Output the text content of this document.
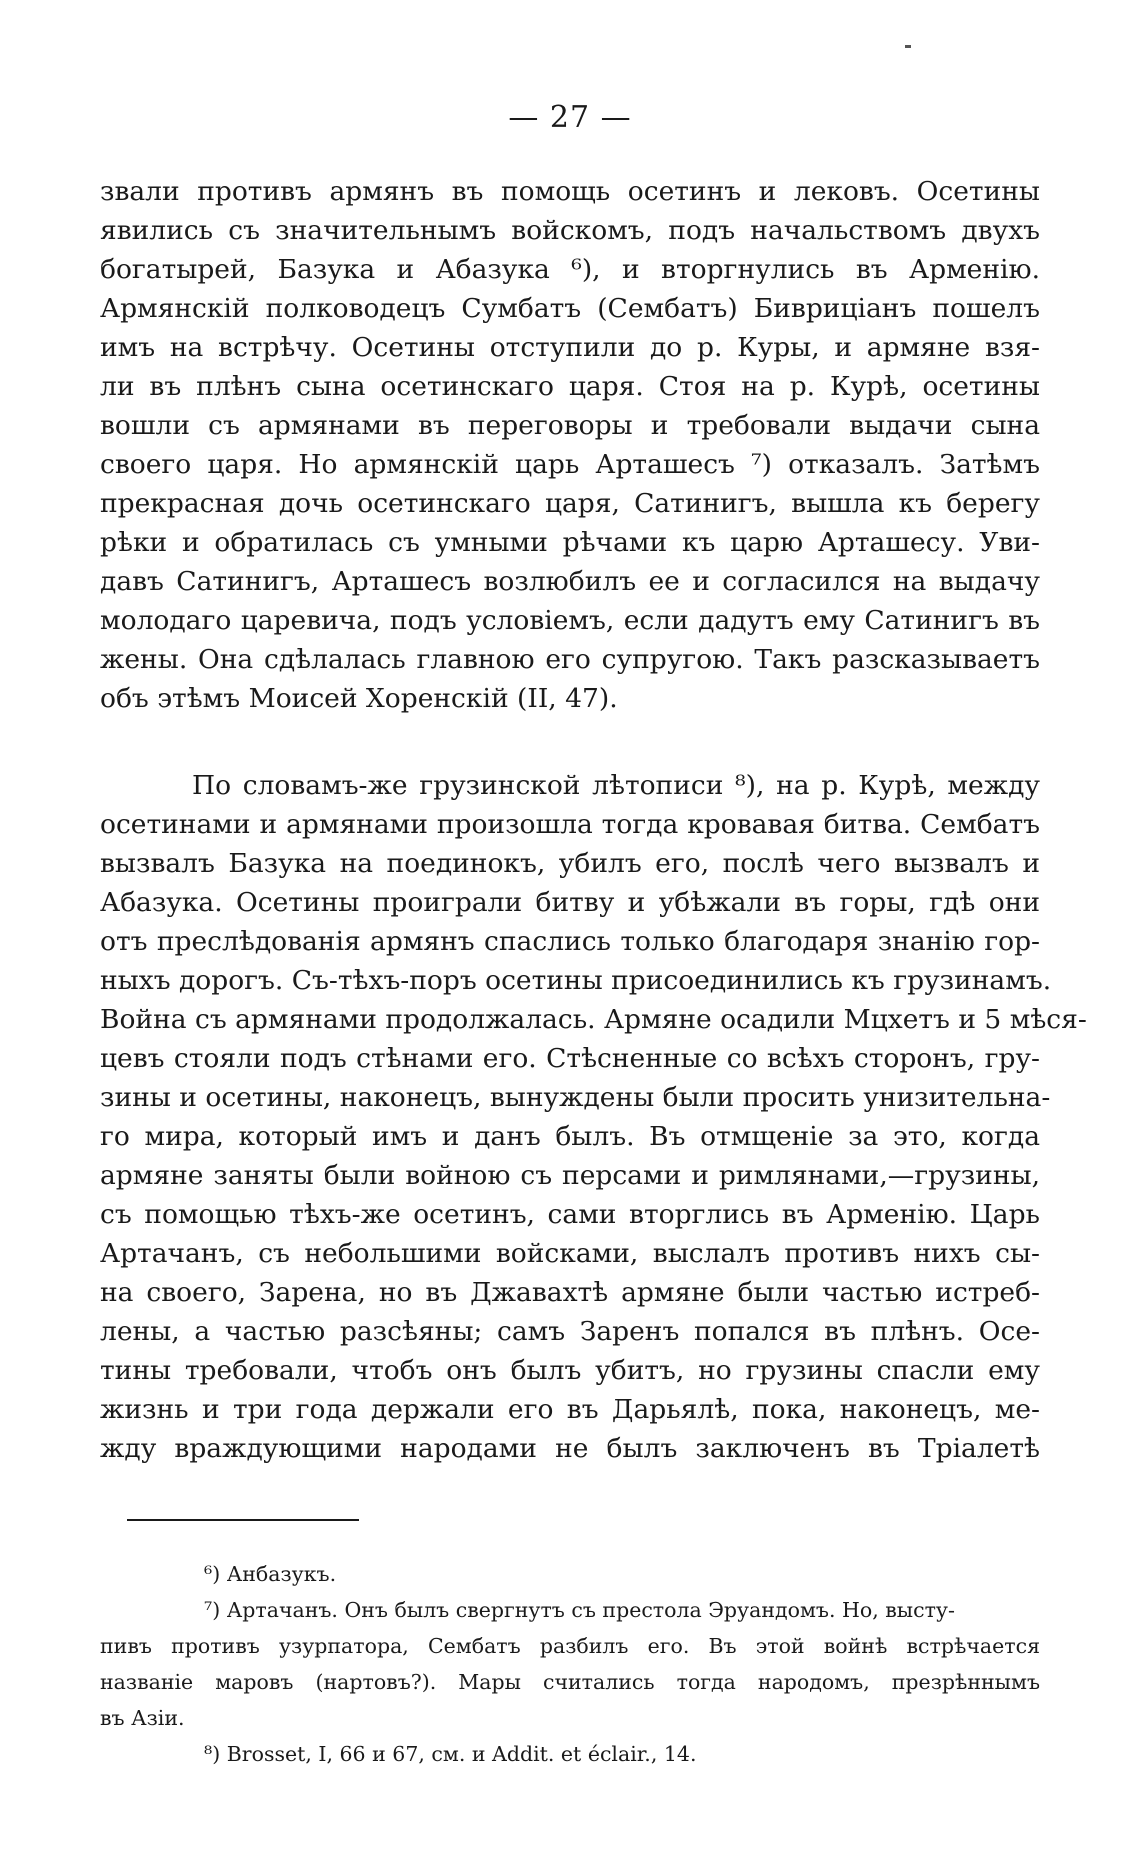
— 27 —
звали противъ армянъ въ помощь осетинъ и лековъ. Осетины
явились съ значительнымъ войскомъ, подъ начальствомъ двухъ
богатырей, Базука и Абазука ⁶), и вторгнулись въ Арменію.
Армянскій полководецъ Сумбатъ (Сембатъ) Бивриціанъ пошелъ
имъ на встрѣчу. Осетины отступили до р. Куры, и армяне взя-
ли въ плѣнъ сына осетинскаго царя. Стоя на р. Курѣ, осетины
вошли съ армянами въ переговоры и требовали выдачи сына
своего царя. Но армянскій царь Арташесъ ⁷) отказалъ. Затѣмъ
прекрасная дочь осетинскаго царя, Сатинигъ, вышла къ берегу
рѣки и обратилась съ умными рѣчами къ царю Арташесу. Уви-
давъ Сатинигъ, Арташесъ возлюбилъ ее и согласился на выдачу
молодаго царевича, подъ условіемъ, если дадутъ ему Сатинигъ въ
жены. Она сдѣлалась главною его супругою. Такъ разсказываетъ
объ этѣмъ Моисей Хоренскій (II, 47).
По словамъ-же грузинской лѣтописи ⁸), на р. Курѣ, между
осетинами и армянами произошла тогда кровавая битва. Сембатъ
вызвалъ Базука на поединокъ, убилъ его, послѣ чего вызвалъ и
Абазука. Осетины проиграли битву и убѣжали въ горы, гдѣ они
отъ преслѣдованія армянъ спаслись только благодаря знанію гор-
ныхъ дорогъ. Съ-тѣхъ-поръ осетины присоединились къ грузинамъ.
Война съ армянами продолжалась. Армяне осадили Мцхетъ и 5 мѣся-
цевъ стояли подъ стѣнами его. Стѣсненные со всѣхъ сторонъ, гру-
зины и осетины, наконецъ, вынуждены были просить унизительна-
го мира, который имъ и данъ былъ. Въ отмщеніе за это, когда
армяне заняты были войною съ персами и римлянами,—грузины,
съ помощью тѣхъ-же осетинъ, сами вторглись въ Арменію. Царь
Артачанъ, съ небольшими войсками, выслалъ противъ нихъ сы-
на своего, Зарена, но въ Джавахтѣ армяне были частью истреб-
лены, а частью разсѣяны; самъ Заренъ попался въ плѣнъ. Осе-
тины требовали, чтобъ онъ былъ убитъ, но грузины спасли ему
жизнь и три года держали его въ Дарьялѣ, пока, наконецъ, ме-
жду враждующими народами не былъ заключенъ въ Тріалетѣ
⁶) Анбазукъ.
⁷) Артачанъ. Онъ былъ свергнутъ съ престола Эруандомъ. Но, высту-
пивъ противъ узурпатора, Сембатъ разбилъ его. Въ этой войнѣ встрѣчается
названіе маровъ (нартовъ?). Мары считались тогда народомъ, презрѣннымъ
въ Азіи.
⁸) Brosset, I, 66 и 67, см. и Addit. et éclair., 14.
